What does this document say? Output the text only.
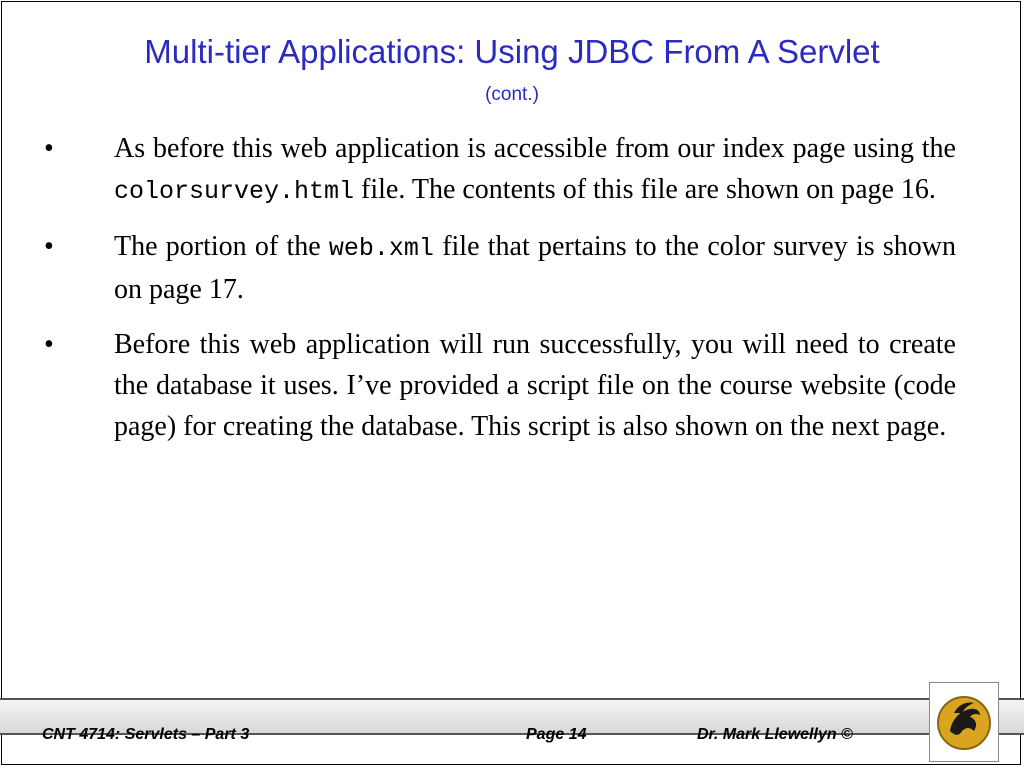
Multi-tier Applications: Using JDBC From A Servlet
(cont.)
• As before this web application is accessible from our index page using the colorsurvey.html file. The contents of this file are shown on page 16.
• The portion of the web.xml file that pertains to the color survey is shown on page 17.
• Before this web application will run successfully, you will need to create the database it uses. I’ve provided a script file on the course website (code page) for creating the database. This script is also shown on the next page.
CNT 4714: Servlets – Part 3	Page 14	Dr. Mark Llewellyn ©
